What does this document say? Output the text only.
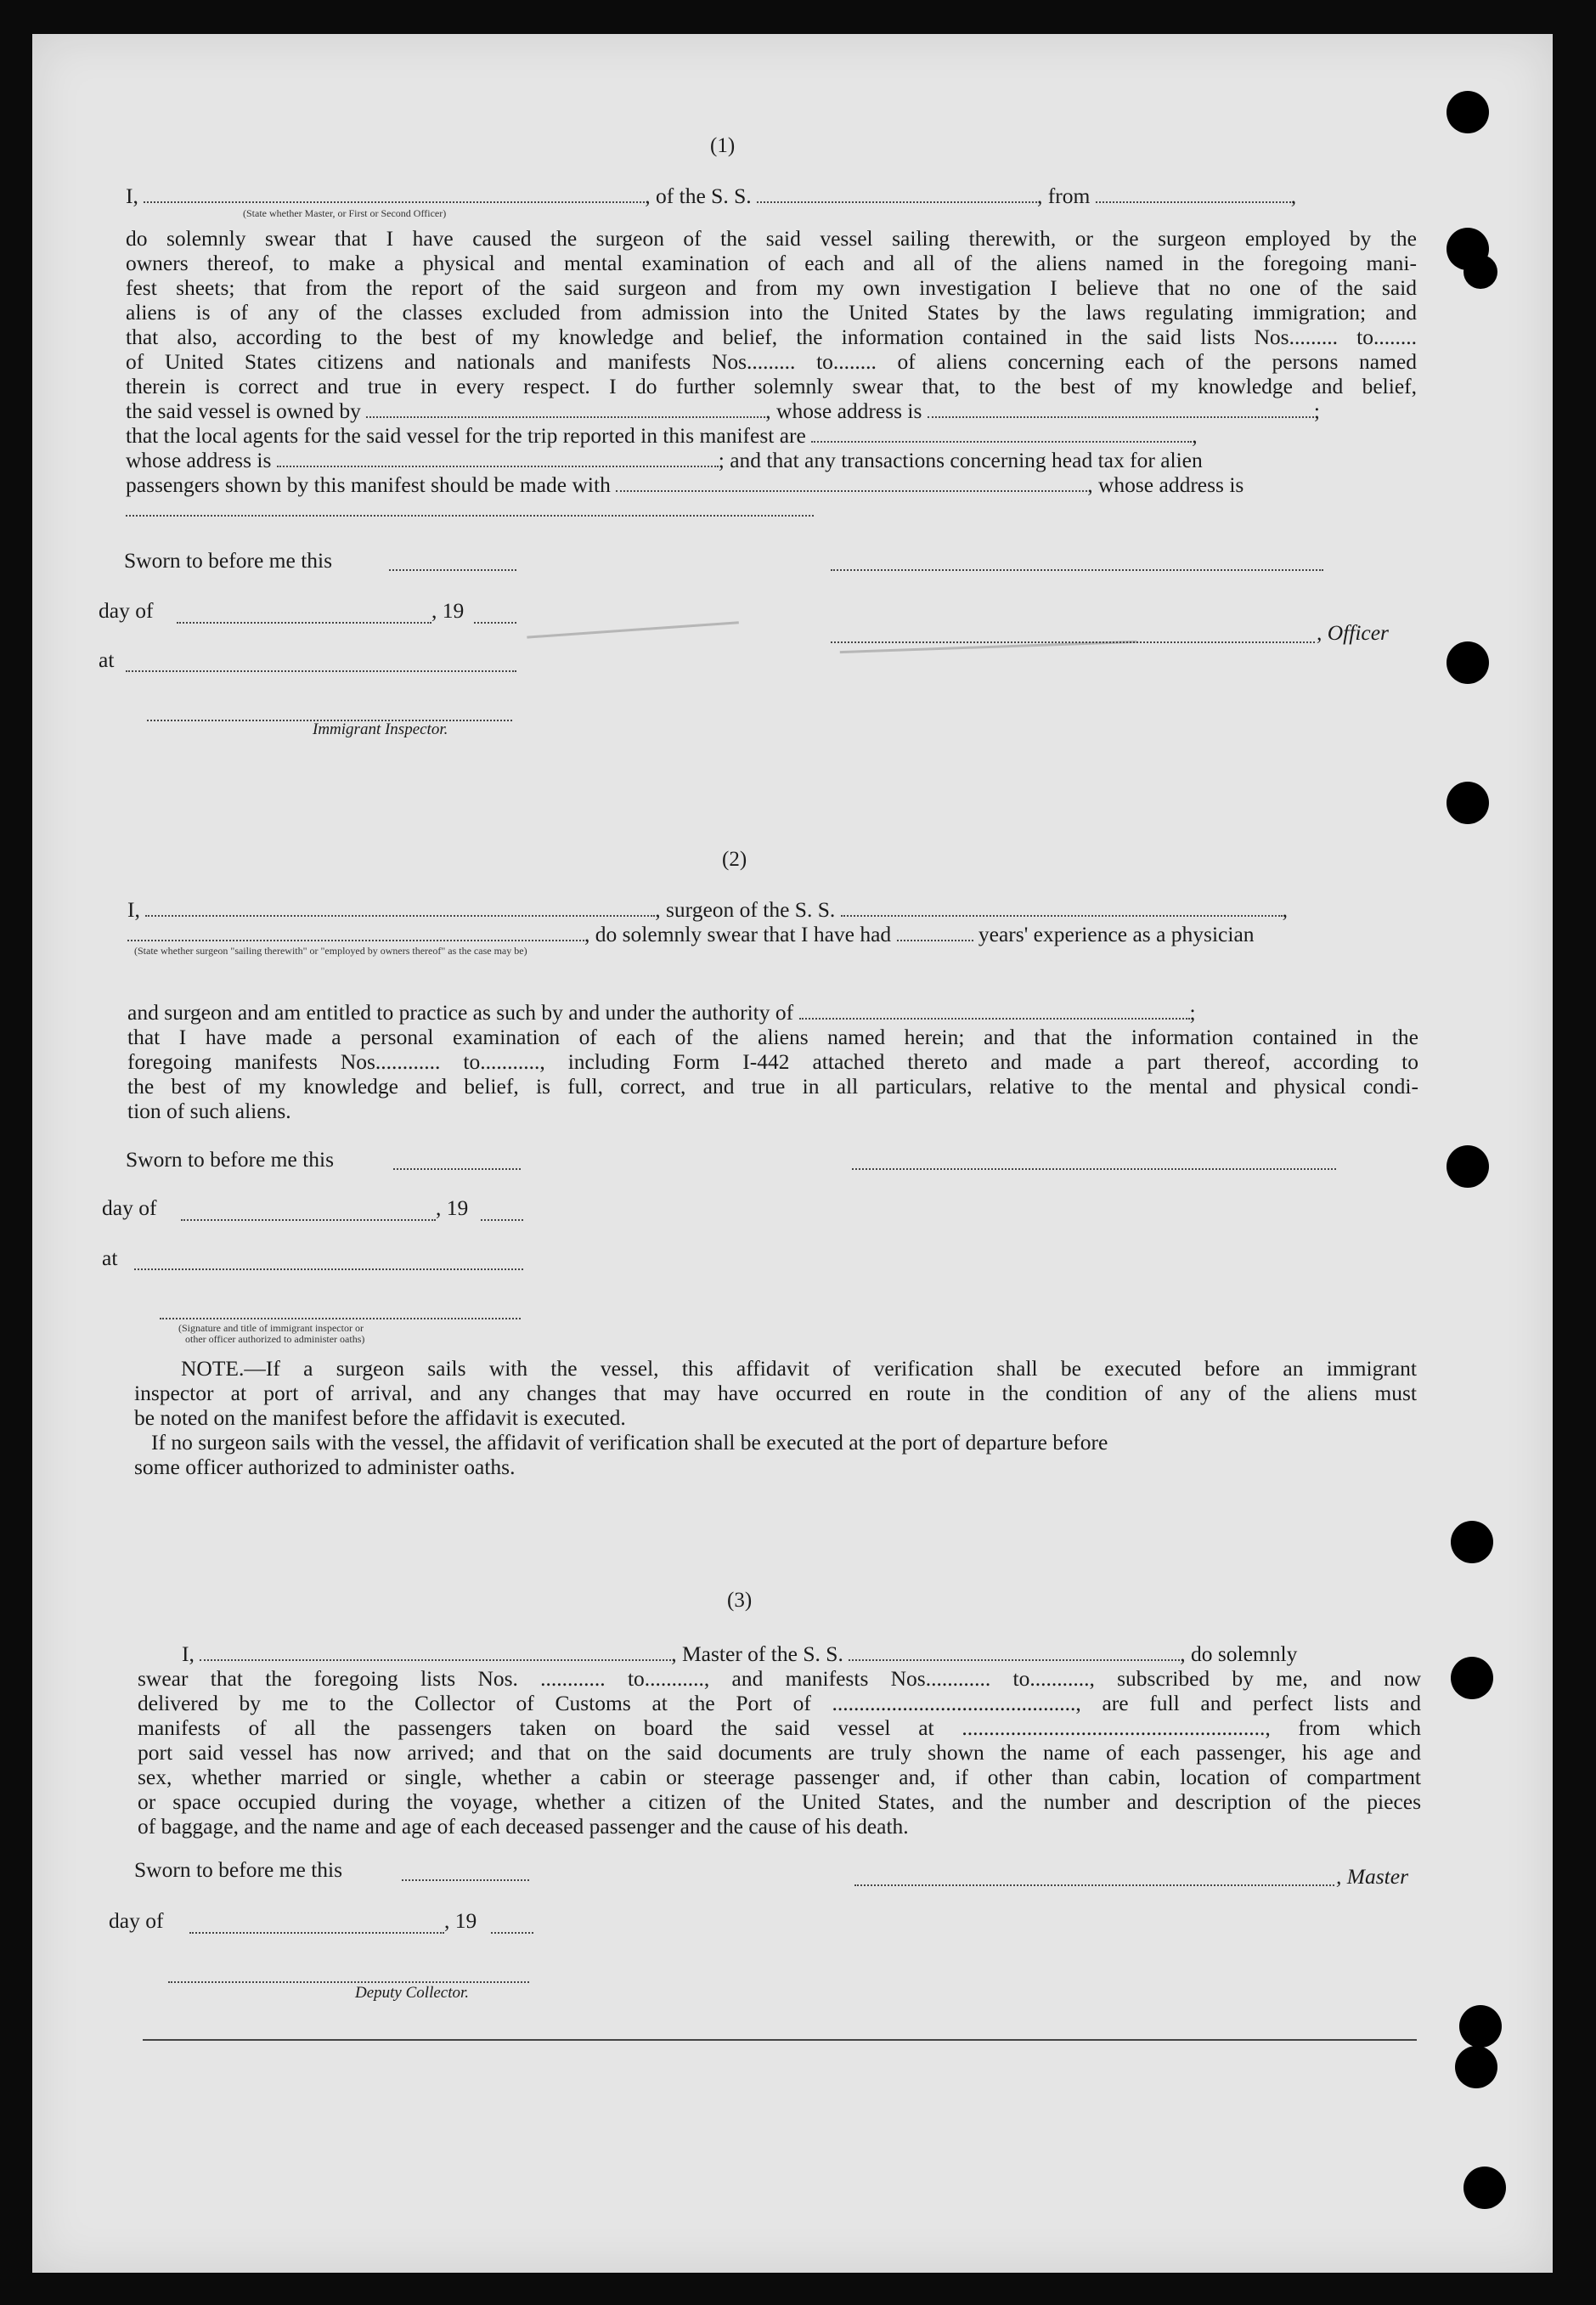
(1)
I,	, of the S. S.	, from	,
(State whether Master, or First or Second Officer)
do solemnly swear that I have caused the surgeon of the said vessel sailing therewith, or the surgeon employed by the
owners thereof, to make a physical and mental examination of each and all of the aliens named in the foregoing mani-
fest sheets; that from the report of the said surgeon and from my own investigation I believe that no one of the said
aliens is of any of the classes excluded from admission into the United States by the laws regulating immigration; and
that also, according to the best of my knowledge and belief, the information contained in the said lists Nos......... to........
of United States citizens and nationals and manifests Nos......... to........ of aliens concerning each of the persons named
therein is correct and true in every respect. I do further solemnly swear that, to the best of my knowledge and belief,
the said vessel is owned by	, whose address is	;
that the local agents for the said vessel for the trip reported in this manifest are	,
whose address is	; and that any transactions concerning head tax for alien
passengers shown by this manifest should be made with	, whose address is
Sworn to before me this
day of	, 19
, Officer
at
Immigrant Inspector.
(2)
I,	, surgeon of the S. S.	,
, do solemnly swear that I have had	years' experience as a physician
(State whether surgeon "sailing therewith" or "employed by owners thereof" as the case may be)
and surgeon and am entitled to practice as such by and under the authority of	;
that I have made a personal examination of each of the aliens named herein; and that the information contained in the
foregoing manifests Nos............ to..........., including Form I-442 attached thereto and made a part thereof, according to
the best of my knowledge and belief, is full, correct, and true in all particulars, relative to the mental and physical condi-
tion of such aliens.
Sworn to before me this
day of	, 19
at
(Signature and title of immigrant inspector or
other officer authorized to administer oaths)
NOTE.—If a surgeon sails with the vessel, this affidavit of verification shall be executed before an immigrant
inspector at port of arrival, and any changes that may have occurred en route in the condition of any of the aliens must
be noted on the manifest before the affidavit is executed.
If no surgeon sails with the vessel, the affidavit of verification shall be executed at the port of departure before
some officer authorized to administer oaths.
(3)
I,	, Master of the S. S.	, do solemnly
swear that the foregoing lists Nos. ............ to..........., and manifests Nos............ to..........., subscribed by me, and now
delivered by me to the Collector of Customs at the Port of ............................................., are full and perfect lists and
manifests of all the passengers taken on board the said vessel at ........................................................, from which
port said vessel has now arrived; and that on the said documents are truly shown the name of each passenger, his age and
sex, whether married or single, whether a cabin or steerage passenger and, if other than cabin, location of compartment
or space occupied during the voyage, whether a citizen of the United States, and the number and description of the pieces
of baggage, and the name and age of each deceased passenger and the cause of his death.
Sworn to before me this	, Master
day of	, 19
Deputy Collector.
